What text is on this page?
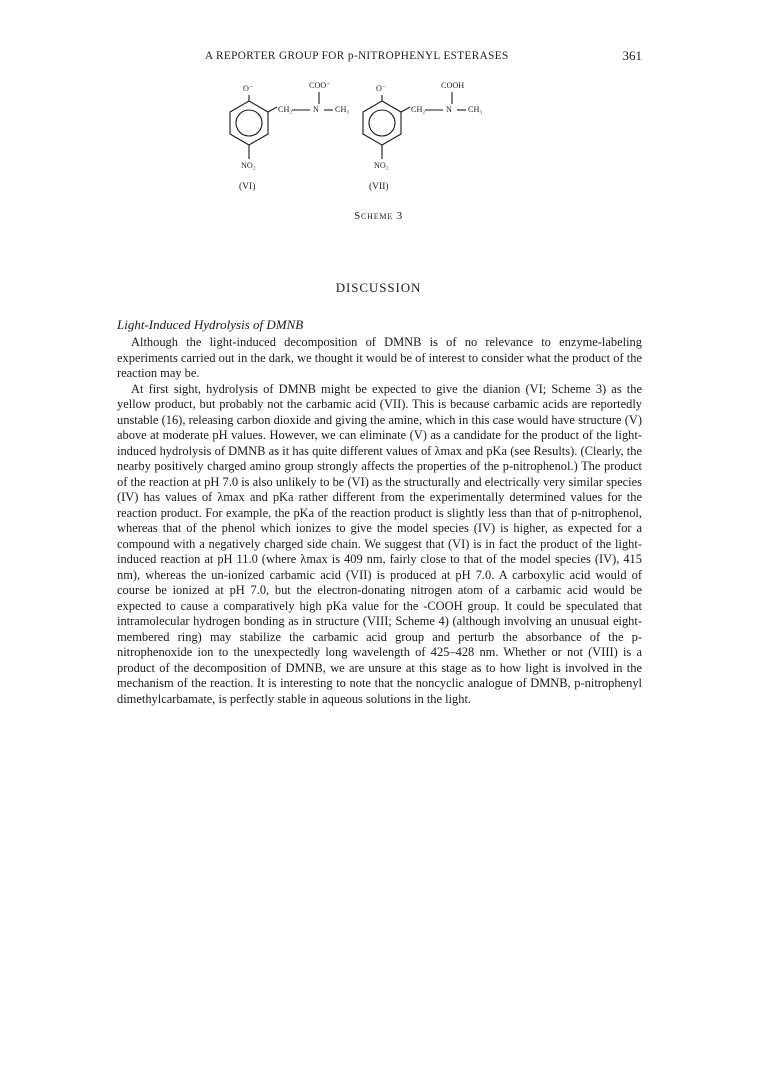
A REPORTER GROUP FOR p-NITROPHENYL ESTERASES	361
O⁻	COO⁻
CH₂	N CH₃
NO₂
(VI)
O⁻	COOH
CH₂	N CH₃
NO₂
(VII)
Scheme 3
DISCUSSION
Light-Induced Hydrolysis of DMNB

Although the light-induced decomposition of DMNB is of no relevance to enzyme-labeling experiments carried out in the dark, we thought it would be of interest to consider what the product of the reaction may be.

At first sight, hydrolysis of DMNB might be expected to give the dianion (VI; Scheme 3) as the yellow product, but probably not the carbamic acid (VII). This is because carbamic acids are reportedly unstable (16), releasing carbon dioxide and giving the amine, which in this case would have structure (V) above at moderate pH values. However, we can eliminate (V) as a candidate for the product of the light-induced hydrolysis of DMNB as it has quite different values of λmax and pKa (see Results). (Clearly, the nearby positively charged amino group strongly affects the properties of the p-nitrophenol.) The product of the reaction at pH 7.0 is also unlikely to be (VI) as the structurally and electrically very similar species (IV) has values of λmax and pKa rather different from the experimentally determined values for the reaction product. For example, the pKa of the reaction product is slightly less than that of p-nitrophenol, whereas that of the phenol which ionizes to give the model species (IV) is higher, as expected for a compound with a negatively charged side chain. We suggest that (VI) is in fact the product of the light-induced reaction at pH 11.0 (where λmax is 409 nm, fairly close to that of the model species (IV), 415 nm), whereas the un-ionized carbamic acid (VII) is produced at pH 7.0. A carboxylic acid would of course be ionized at pH 7.0, but the electron-donating nitrogen atom of a carbamic acid would be expected to cause a comparatively high pKa value for the -COOH group. It could be speculated that intramolecular hydrogen bonding as in structure (VIII; Scheme 4) (although involving an unusual eight-membered ring) may stabilize the carbamic acid group and perturb the absorbance of the p-nitrophenoxide ion to the unexpectedly long wavelength of 425–428 nm. Whether or not (VIII) is a product of the decomposition of DMNB, we are unsure at this stage as to how light is involved in the mechanism of the reaction. It is interesting to note that the noncyclic analogue of DMNB, p-nitrophenyl dimethylcarbamate, is perfectly stable in aqueous solutions in the light.
